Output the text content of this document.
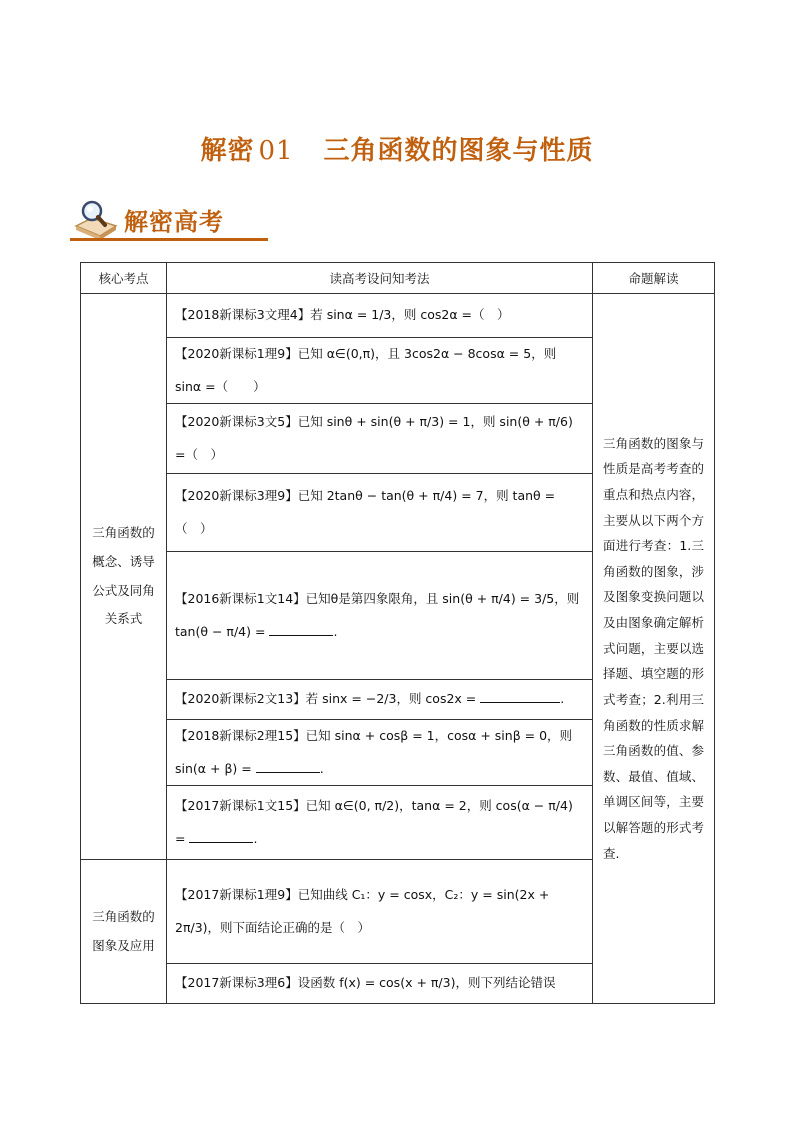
解密 01 三角函数的图象与性质
解密高考
核心考点	读高考设问知考法	命题解读
三角函数的概念、诱导公式及同角关系式	【2018新课标3文理4】若 sinα = 1/3，则 cos2α =（　）	三角函数的图象与性质是高考考查的重点和热点内容，主要从以下两个方面进行考查：1.三角函数的图象，涉及图象变换问题以及由图象确定解析式问题，主要以选择题、填空题的形式考查；2.利用三角函数的性质求解三角函数的值、参数、最值、值域、单调区间等，主要以解答题的形式考查.
	【2020新课标1理9】已知 α∈(0,π)，且 3cos2α − 8cosα = 5，则 sinα =（　　）	
	【2020新课标3文5】已知 sinθ + sin(θ + π/3) = 1，则 sin(θ + π/6) =（　）	
	【2020新课标3理9】已知 2tanθ − tan(θ + π/4) = 7，则 tanθ =（　）	
	【2016新课标1文14】已知θ是第四象限角，且 sin(θ + π/4) = 3/5，则 tan(θ − π/4) = .	
	【2020新课标2文13】若 sinx = −2/3，则 cos2x = .	
	【2018新课标2理15】已知 sinα + cosβ = 1，cosα + sinβ = 0，则 sin(α + β) = .	
	【2017新课标1文15】已知 α∈(0, π/2)，tanα = 2，则 cos(α − π/4) = .	
三角函数的图象及应用	【2017新课标1理9】已知曲线 C₁：y = cosx，C₂：y = sin(2x + 2π/3)，则下面结论正确的是（　）	
	【2017新课标3理6】设函数 f(x) = cos(x + π/3)，则下列结论错误	
